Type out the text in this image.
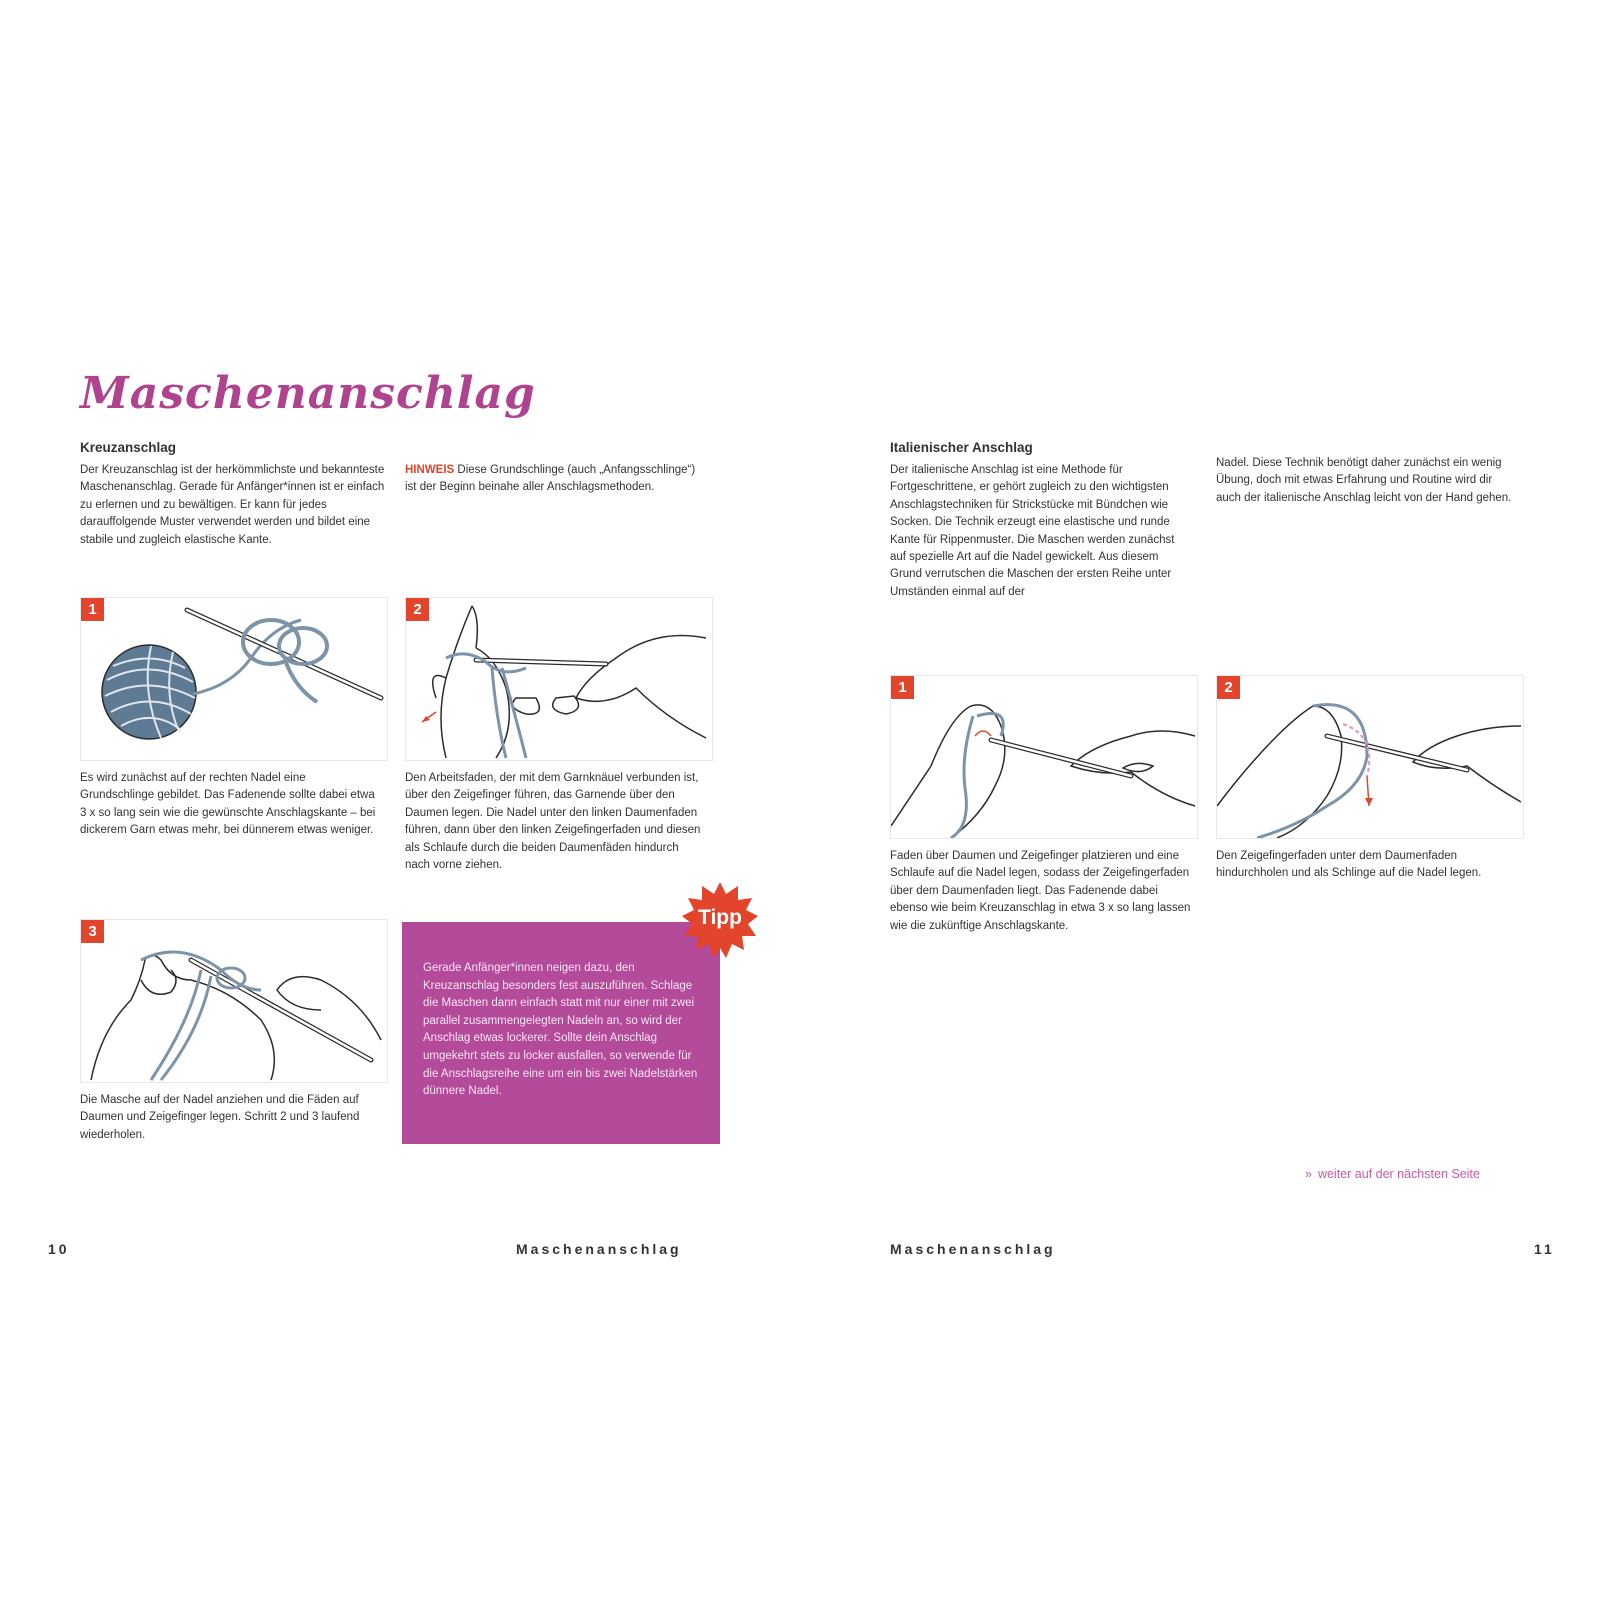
Maschenanschlag
Kreuzanschlag
Der Kreuzanschlag ist der herkömmlichste und bekannteste Maschenanschlag. Gerade für Anfänger*innen ist er einfach zu erlernen und zu bewältigen. Er kann für jedes darauffolgende Muster verwendet werden und bildet eine stabile und zugleich elastische Kante.
HINWEIS Diese Grundschlinge (auch „Anfangsschlinge“) ist der Beginn beinahe aller Anschlagsmethoden.
1	2
Es wird zunächst auf der rechten Nadel eine Grundschlinge gebildet. Das Fadenende sollte dabei etwa 3 x so lang sein wie die gewünschte Anschlagskante – bei dickerem Garn etwas mehr, bei dünnerem etwas weniger.
Den Arbeitsfaden, der mit dem Garnknäuel verbunden ist, über den Zeigefinger führen, das Garnende über den Daumen legen. Die Nadel unter den linken Daumenfaden führen, dann über den linken Zeigefingerfaden und diesen als Schlaufe durch die beiden Daumenfäden hindurch nach vorne ziehen.
3
Die Masche auf der Nadel anziehen und die Fäden auf Daumen und Zeigefinger legen. Schritt 2 und 3 laufend wiederholen.
Gerade Anfänger*innen neigen dazu, den Kreuzanschlag besonders fest auszuführen. Schlage die Maschen dann einfach statt mit nur einer mit zwei parallel zusammengelegten Nadeln an, so wird der Anschlag etwas lockerer. Sollte dein Anschlag umgekehrt stets zu locker ausfallen, so verwende für die Anschlagsreihe eine um ein bis zwei Nadelstärken dünnere Nadel.
Tipp
10	Maschenanschlag
Italienischer Anschlag
Der italienische Anschlag ist eine Methode für Fortgeschrittene, er gehört zugleich zu den wichtigsten Anschlagstechniken für Strickstücke mit Bündchen wie Socken. Die Technik erzeugt eine elastische und runde Kante für Rippenmuster. Die Maschen werden zunächst auf spezielle Art auf die Nadel gewickelt. Aus diesem Grund verrutschen die Maschen der ersten Reihe unter Umständen einmal auf der
Nadel. Diese Technik benötigt daher zunächst ein wenig Übung, doch mit etwas Erfahrung und Routine wird dir auch der italienische Anschlag leicht von der Hand gehen.
1	2
Faden über Daumen und Zeigefinger platzieren und eine Schlaufe auf die Nadel legen, sodass der Zeigefingerfaden über dem Daumenfaden liegt. Das Fadenende dabei ebenso wie beim Kreuzanschlag in etwa 3 x so lang lassen wie die zukünftige Anschlagskante.
Den Zeigefingerfaden unter dem Daumenfaden hindurchholen und als Schlinge auf die Nadel legen.
» weiter auf der nächsten Seite
Maschenanschlag	11
